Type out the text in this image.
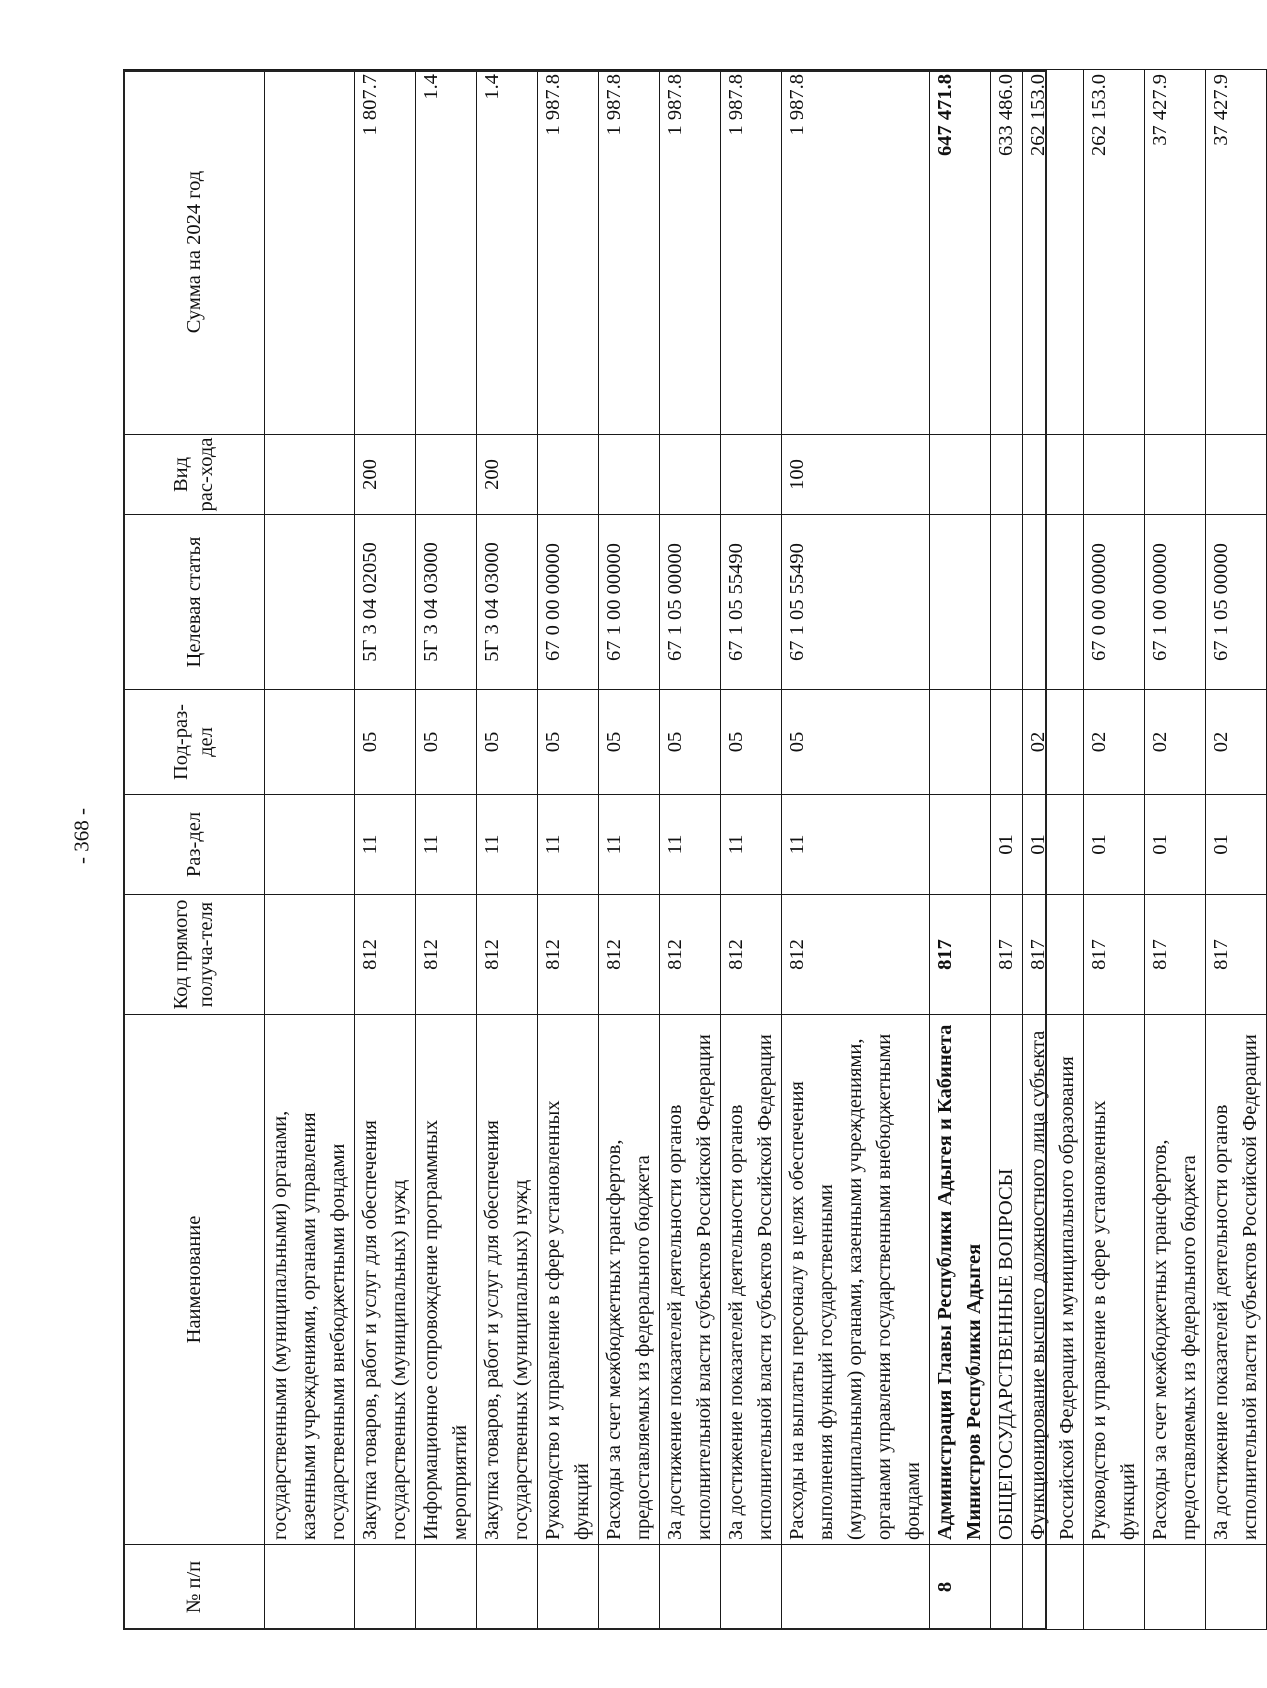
- 368 -
№ п/п	Наименование	Код прямого получа-теля	Раз-дел	Под-раз-дел	Целевая статья	Вид рас-хода	Сумма на 2024 год
	государственными (муниципальными) органами, казенными учреждениями, органами управления государственными внебюджетными фондами						
	Закупка товаров, работ и услуг для обеспечения государственных (муниципальных) нужд	812	11	05	5Г 3 04 02050	200	1 807.7
	Информационное сопровождение программных мероприятий	812	11	05	5Г 3 04 03000		1.4
	Закупка товаров, работ и услуг для обеспечения государственных (муниципальных) нужд	812	11	05	5Г 3 04 03000	200	1.4
	Руководство и управление в сфере установленных функций	812	11	05	67 0 00 00000		1 987.8
	Расходы за счет межбюджетных трансфертов, предоставляемых из федерального бюджета	812	11	05	67 1 00 00000		1 987.8
	За достижение показателей деятельности органов исполнительной власти субъектов Российской Федерации	812	11	05	67 1 05 00000		1 987.8
	За достижение показателей деятельности органов исполнительной власти субъектов Российской Федерации	812	11	05	67 1 05 55490		1 987.8
	Расходы на выплаты персоналу в целях обеспечения выполнения функций государственными (муниципальными) органами, казенными учреждениями, органами управления государственными внебюджетными фондами	812	11	05	67 1 05 55490	100	1 987.8
8	Администрация Главы Республики Адыгея и Кабинета Министров Республики Адыгея	817					647 471.8
	ОБЩЕГОСУДАРСТВЕННЫЕ ВОПРОСЫ	817	01				633 486.0
	Функционирование высшего должностного лица субъекта Российской Федерации и муниципального образования	817	01	02			262 153.0
	Руководство и управление в сфере установленных функций	817	01	02	67 0 00 00000		262 153.0
	Расходы за счет межбюджетных трансфертов, предоставляемых из федерального бюджета	817	01	02	67 1 00 00000		37 427.9
	За достижение показателей деятельности органов исполнительной власти субъектов Российской Федерации	817	01	02	67 1 05 00000		37 427.9
